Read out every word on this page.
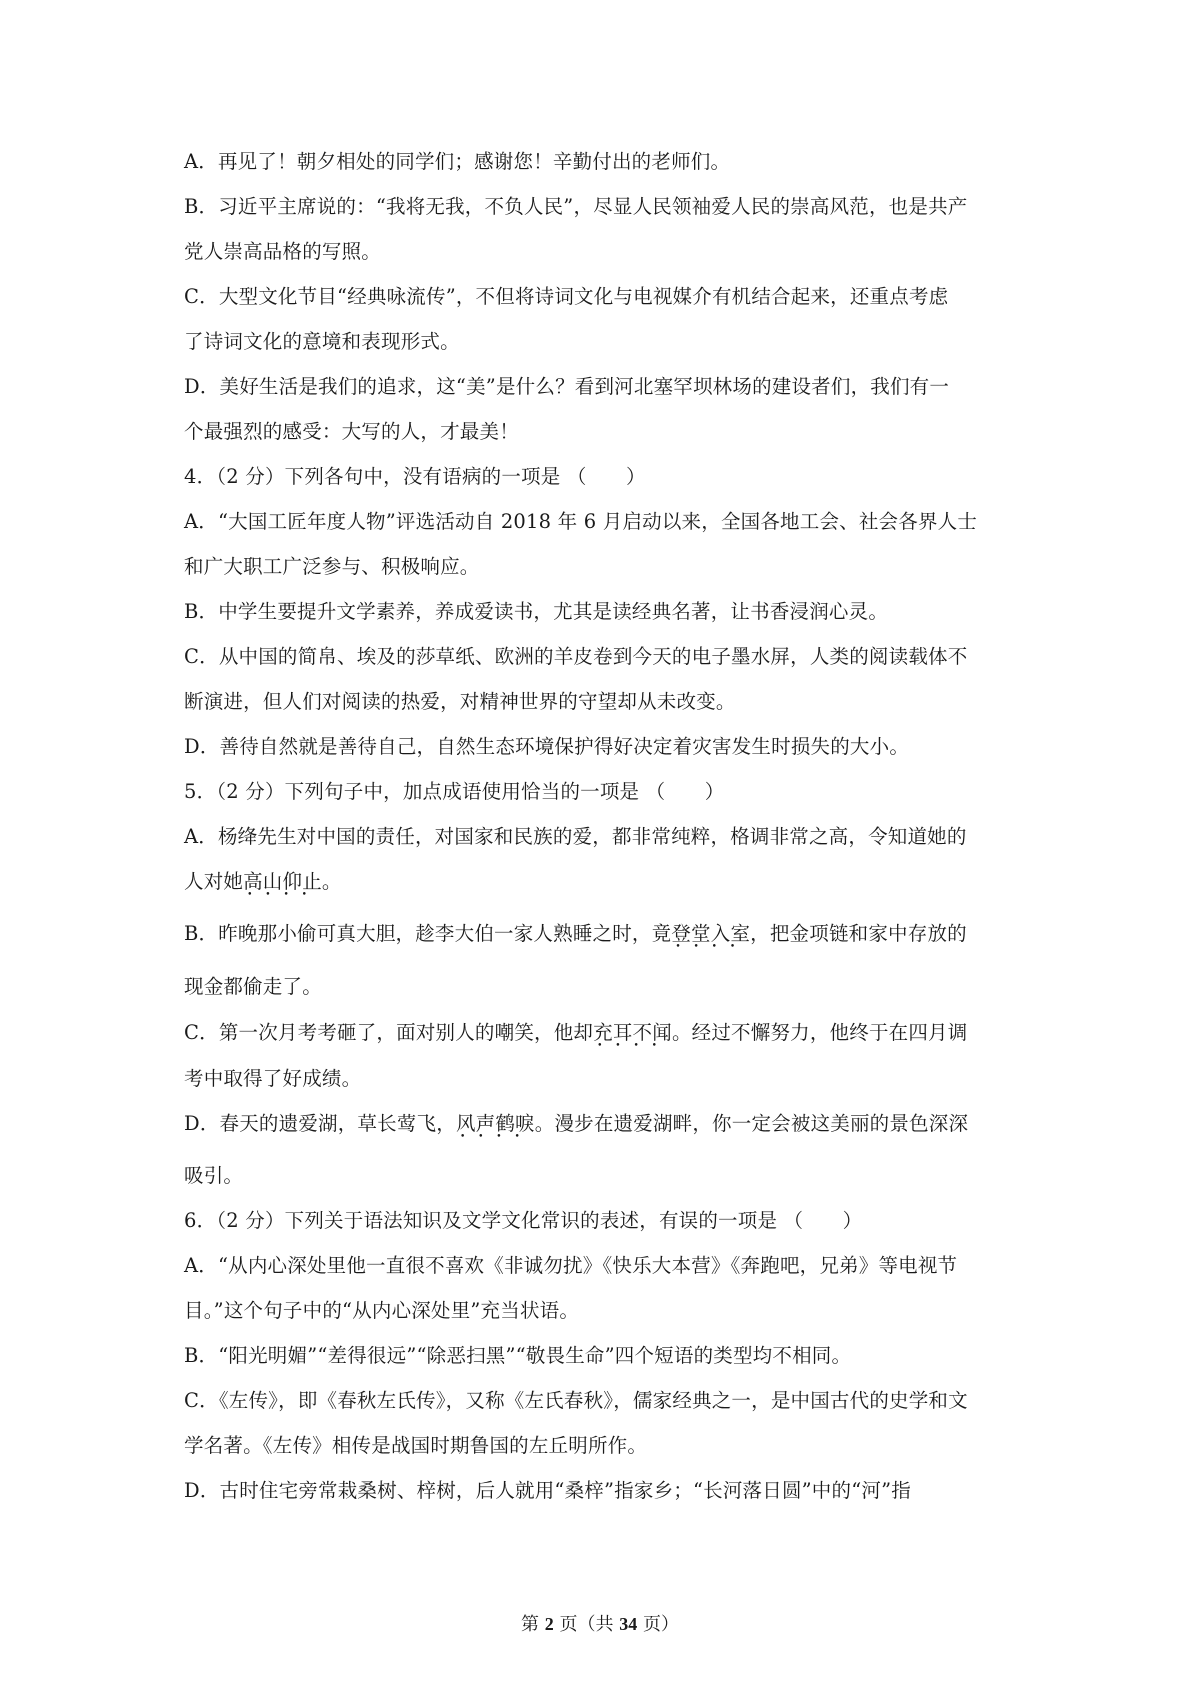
A．再见了！朝夕相处的同学们；感谢您！辛勤付出的老师们。
B．习近平主席说的：“我将无我，不负人民”，尽显人民领袖爱人民的崇高风范，也是共产
党人崇高品格的写照。
C．大型文化节目“经典咏流传”，不但将诗词文化与电视媒介有机结合起来，还重点考虑
了诗词文化的意境和表现形式。
D．美好生活是我们的追求，这“美”是什么？看到河北塞罕坝林场的建设者们，我们有一
个最强烈的感受：大写的人，才最美！
4．（2 分）下列各句中，没有语病的一项是 （　　）
A．“大国工匠年度人物”评选活动自 2018 年 6 月启动以来，全国各地工会、社会各界人士
和广大职工广泛参与、积极响应。
B．中学生要提升文学素养，养成爱读书，尤其是读经典名著，让书香浸润心灵。
C．从中国的简帛、埃及的莎草纸、欧洲的羊皮卷到今天的电子墨水屏，人类的阅读载体不
断演进，但人们对阅读的热爱，对精神世界的守望却从未改变。
D．善待自然就是善待自己，自然生态环境保护得好决定着灾害发生时损失的大小。
5．（2 分）下列句子中，加点成语使用恰当的一项是 （　　）
A．杨绛先生对中国的责任，对国家和民族的爱，都非常纯粹，格调非常之高，令知道她的
人对她高山仰止 • • • •。
B．昨晚那小偷可真大胆，趁李大伯一家人熟睡之时，竟登堂入室 • • • •，把金项链和家中存放的
现金都偷走了。
C．第一次月考考砸了，面对别人的嘲笑，他却充耳不闻 • • • •。经过不懈努力，他终于在四月调
考中取得了好成绩。
D．春天的遗爱湖，草长莺飞，风声鹤唳 • • • •。漫步在遗爱湖畔，你一定会被这美丽的景色深深
吸引。
6．（2 分）下列关于语法知识及文学文化常识的表述，有误的一项是 （　　）
A．“从内心深处里他一直很不喜欢《非诚勿扰》《快乐大本营》《奔跑吧，兄弟》等电视节
目。”这个句子中的“从内心深处里”充当状语。
B．“阳光明媚”“差得很远”“除恶扫黑”“敬畏生命”四个短语的类型均不相同。
C．《左传》，即《春秋左氏传》，又称《左氏春秋》，儒家经典之一，是中国古代的史学和文
学名著。《左传》相传是战国时期鲁国的左丘明所作。
D．古时住宅旁常栽桑树、梓树，后人就用“桑梓”指家乡；“长河落日圆”中的“河”指
第 2 页（共 34 页）
